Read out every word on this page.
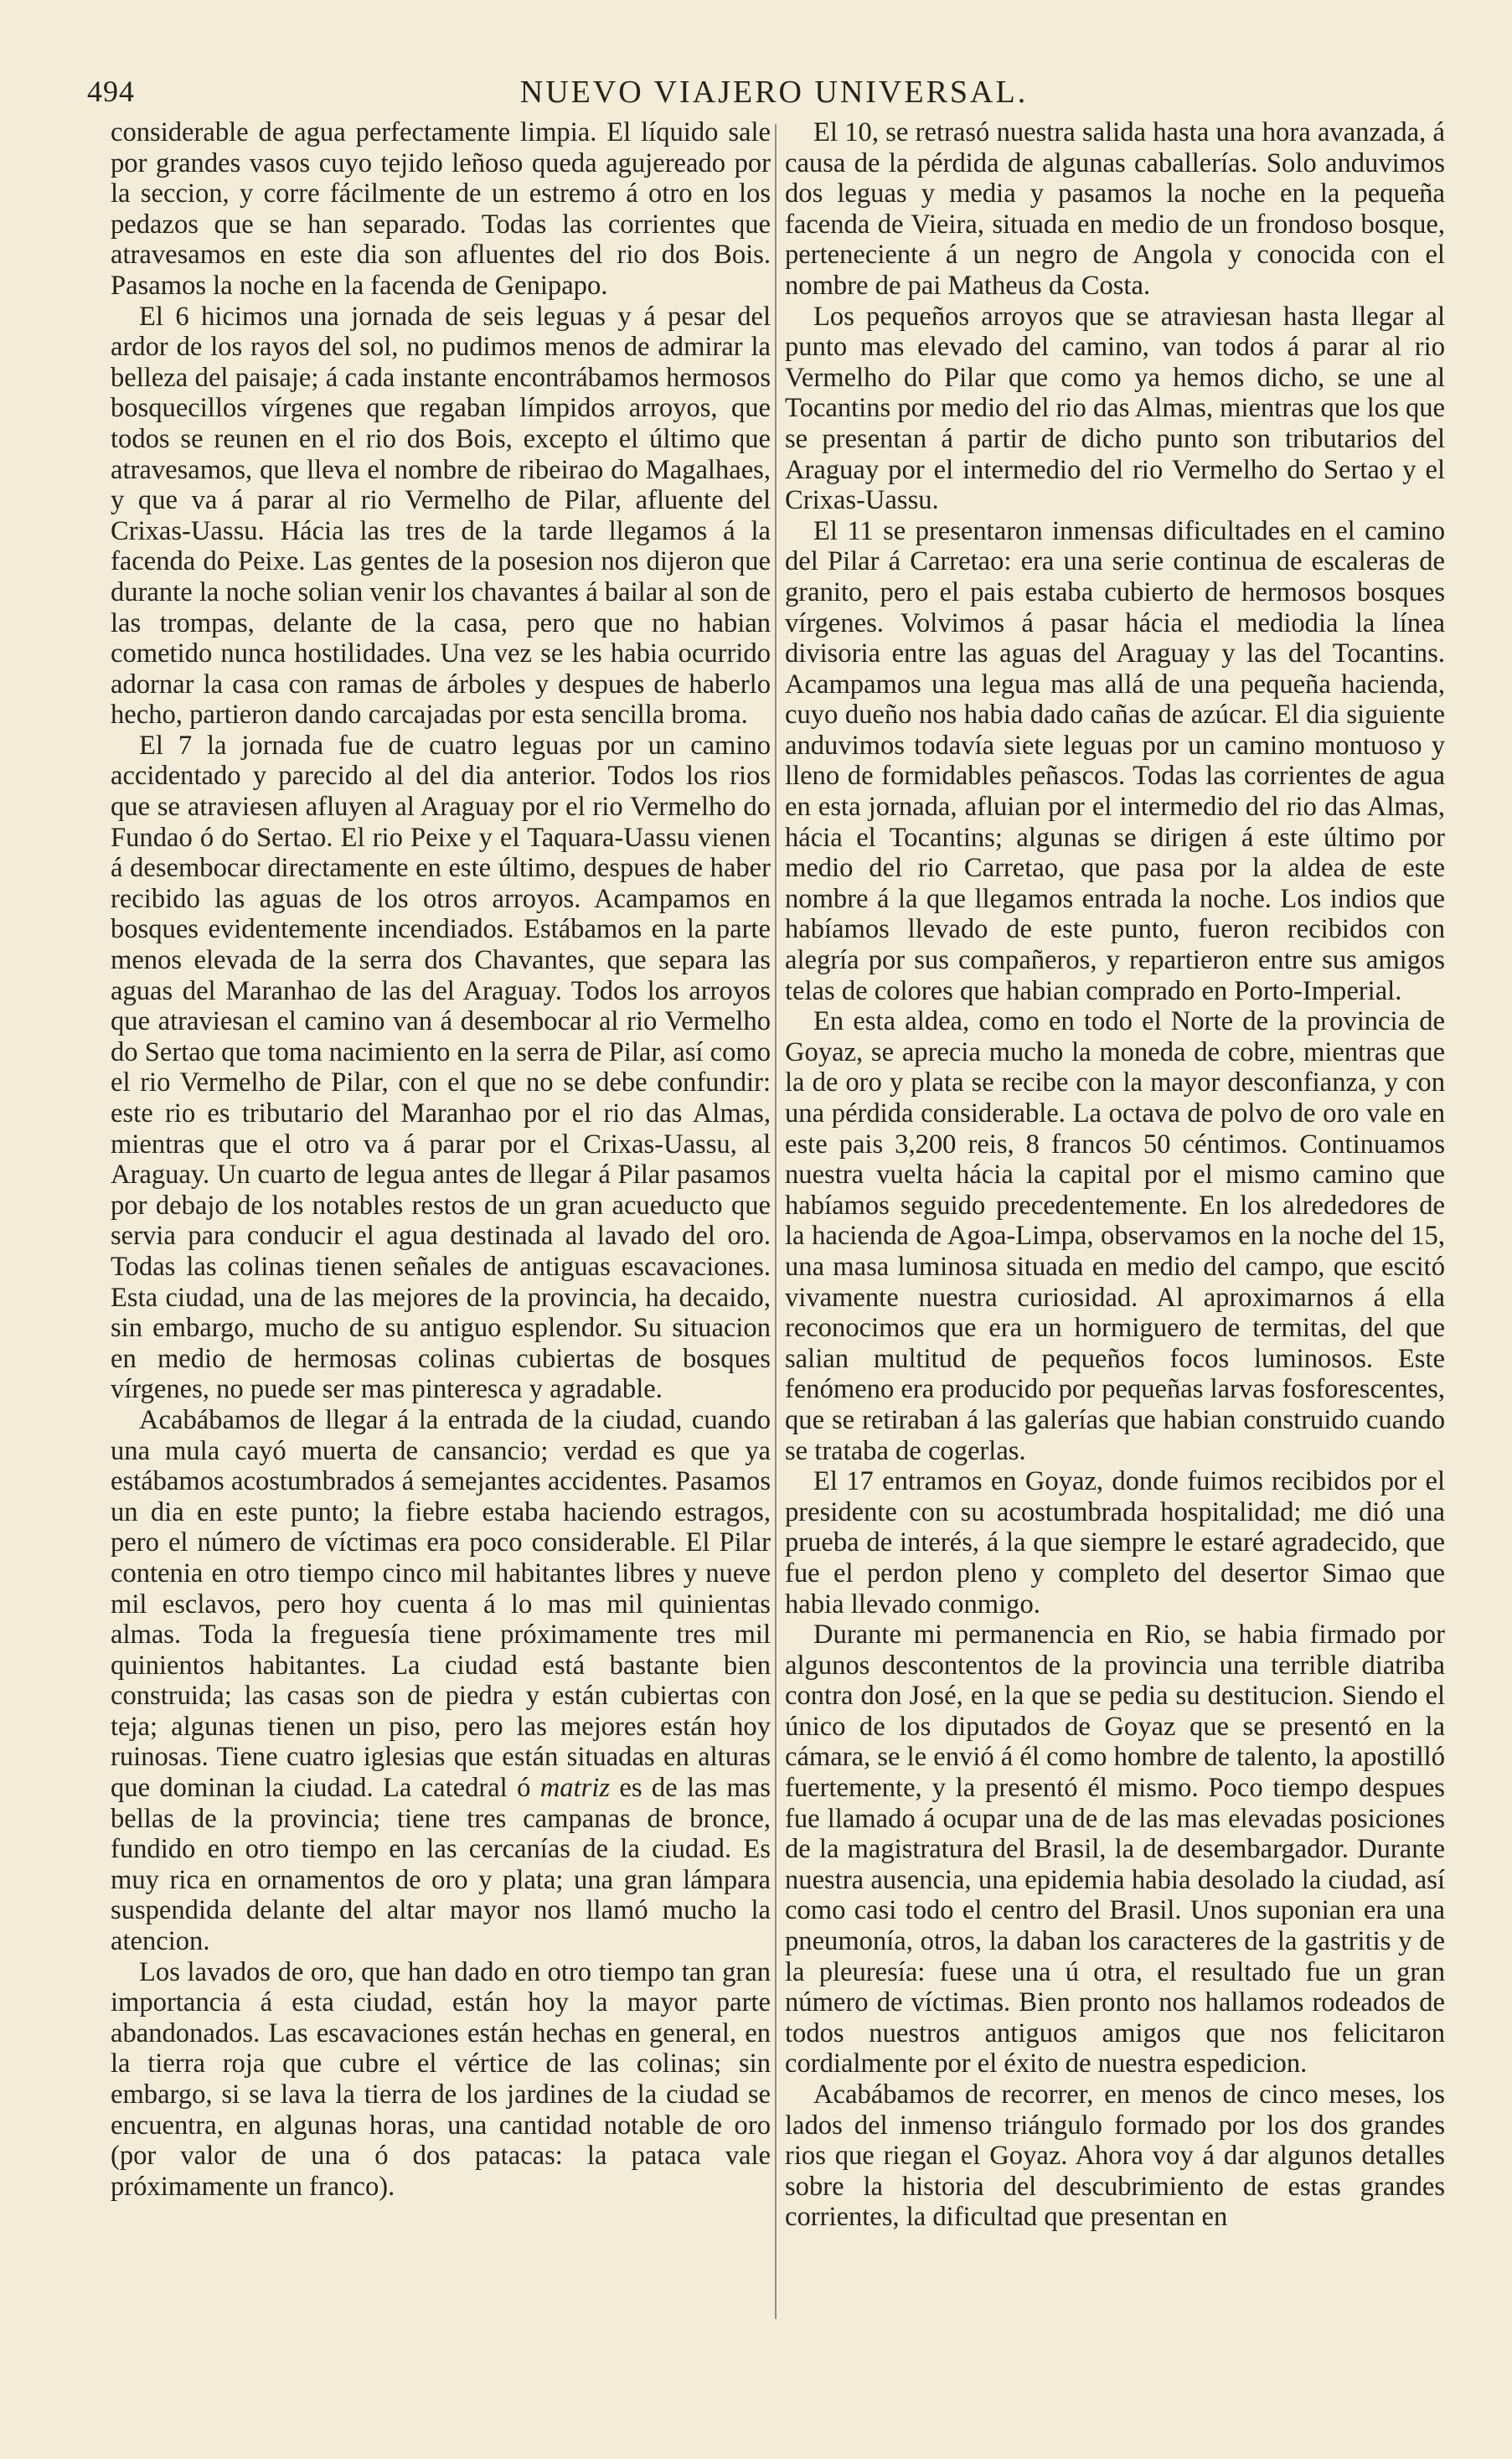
494	NUEVO VIAJERO UNIVERSAL.

considerable de agua perfectamente limpia. El líquido sale por grandes vasos cuyo tejido leñoso queda agujereado por la seccion, y corre fácilmente de un estremo á otro en los pedazos que se han separado. Todas las corrientes que atravesamos en este dia son afluentes del rio dos Bois. Pasamos la noche en la facenda de Genipapo.

El 6 hicimos una jornada de seis leguas y á pesar del ardor de los rayos del sol, no pudimos menos de admirar la belleza del paisaje; á cada instante encontrábamos hermosos bosquecillos vírgenes que regaban límpidos arroyos, que todos se reunen en el rio dos Bois, excepto el último que atravesamos, que lleva el nombre de ribeirao do Magalhaes, y que va á parar al rio Vermelho de Pilar, afluente del Crixas-Uassu. Hácia las tres de la tarde llegamos á la facenda do Peixe. Las gentes de la posesion nos dijeron que durante la noche solian venir los chavantes á bailar al son de las trompas, delante de la casa, pero que no habian cometido nunca hostilidades. Una vez se les habia ocurrido adornar la casa con ramas de árboles y despues de haberlo hecho, partieron dando carcajadas por esta sencilla broma.

El 7 la jornada fue de cuatro leguas por un camino accidentado y parecido al del dia anterior. Todos los rios que se atraviesen afluyen al Araguay por el rio Vermelho do Fundao ó do Sertao. El rio Peixe y el Taquara-Uassu vienen á desembocar directamente en este último, despues de haber recibido las aguas de los otros arroyos. Acampamos en bosques evidentemente incendiados. Estábamos en la parte menos elevada de la serra dos Chavantes, que separa las aguas del Maranhao de las del Araguay. Todos los arroyos que atraviesan el camino van á desembocar al rio Vermelho do Sertao que toma nacimiento en la serra de Pilar, así como el rio Vermelho de Pilar, con el que no se debe confundir: este rio es tributario del Maranhao por el rio das Almas, mientras que el otro va á parar por el Crixas-Uassu, al Araguay. Un cuarto de legua antes de llegar á Pilar pasamos por debajo de los notables restos de un gran acueducto que servia para conducir el agua destinada al lavado del oro. Todas las colinas tienen señales de antiguas escavaciones. Esta ciudad, una de las mejores de la provincia, ha decaido, sin embargo, mucho de su antiguo esplendor. Su situacion en medio de hermosas colinas cubiertas de bosques vírgenes, no puede ser mas pinteresca y agradable.

Acabábamos de llegar á la entrada de la ciudad, cuando una mula cayó muerta de cansancio; verdad es que ya estábamos acostumbrados á semejantes accidentes. Pasamos un dia en este punto; la fiebre estaba haciendo estragos, pero el número de víctimas era poco considerable. El Pilar contenia en otro tiempo cinco mil habitantes libres y nueve mil esclavos, pero hoy cuenta á lo mas mil quinientas almas. Toda la freguesía tiene próximamente tres mil quinientos habitantes. La ciudad está bastante bien construida; las casas son de piedra y están cubiertas con teja; algunas tienen un piso, pero las mejores están hoy ruinosas. Tiene cuatro iglesias que están situadas en alturas que dominan la ciudad. La catedral ó matriz es de las mas bellas de la provincia; tiene tres campanas de bronce, fundido en otro tiempo en las cercanías de la ciudad. Es muy rica en ornamentos de oro y plata; una gran lámpara suspendida delante del altar mayor nos llamó mucho la atencion.

Los lavados de oro, que han dado en otro tiempo tan gran importancia á esta ciudad, están hoy la mayor parte abandonados. Las escavaciones están hechas en general, en la tierra roja que cubre el vértice de las colinas; sin embargo, si se lava la tierra de los jardines de la ciudad se encuentra, en algunas horas, una cantidad notable de oro (por valor de una ó dos patacas: la pataca vale próximamente un franco).

El 10, se retrasó nuestra salida hasta una hora avanzada, á causa de la pérdida de algunas caballerías. Solo anduvimos dos leguas y media y pasamos la noche en la pequeña facenda de Vieira, situada en medio de un frondoso bosque, perteneciente á un negro de Angola y conocida con el nombre de pai Matheus da Costa.

Los pequeños arroyos que se atraviesan hasta llegar al punto mas elevado del camino, van todos á parar al rio Vermelho do Pilar que como ya hemos dicho, se une al Tocantins por medio del rio das Almas, mientras que los que se presentan á partir de dicho punto son tributarios del Araguay por el intermedio del rio Vermelho do Sertao y el Crixas-Uassu.

El 11 se presentaron inmensas dificultades en el camino del Pilar á Carretao: era una serie continua de escaleras de granito, pero el pais estaba cubierto de hermosos bosques vírgenes. Volvimos á pasar hácia el mediodia la línea divisoria entre las aguas del Araguay y las del Tocantins. Acampamos una legua mas allá de una pequeña hacienda, cuyo dueño nos habia dado cañas de azúcar. El dia siguiente anduvimos todavía siete leguas por un camino montuoso y lleno de formidables peñascos. Todas las corrientes de agua en esta jornada, afluian por el intermedio del rio das Almas, hácia el Tocantins; algunas se dirigen á este último por medio del rio Carretao, que pasa por la aldea de este nombre á la que llegamos entrada la noche. Los indios que habíamos llevado de este punto, fueron recibidos con alegría por sus compañeros, y repartieron entre sus amigos telas de colores que habian comprado en Porto-Imperial.

En esta aldea, como en todo el Norte de la provincia de Goyaz, se aprecia mucho la moneda de cobre, mientras que la de oro y plata se recibe con la mayor desconfianza, y con una pérdida considerable. La octava de polvo de oro vale en este pais 3,200 reis, 8 francos 50 céntimos. Continuamos nuestra vuelta hácia la capital por el mismo camino que habíamos seguido precedentemente. En los alrededores de la hacienda de Agoa-Limpa, observamos en la noche del 15, una masa luminosa situada en medio del campo, que escitó vivamente nuestra curiosidad. Al aproximarnos á ella reconocimos que era un hormiguero de termitas, del que salian multitud de pequeños focos luminosos. Este fenómeno era producido por pequeñas larvas fosforescentes, que se retiraban á las galerías que habian construido cuando se trataba de cogerlas.

El 17 entramos en Goyaz, donde fuimos recibidos por el presidente con su acostumbrada hospitalidad; me dió una prueba de interés, á la que siempre le estaré agradecido, que fue el perdon pleno y completo del desertor Simao que habia llevado conmigo.

Durante mi permanencia en Rio, se habia firmado por algunos descontentos de la provincia una terrible diatriba contra don José, en la que se pedia su destitucion. Siendo el único de los diputados de Goyaz que se presentó en la cámara, se le envió á él como hombre de talento, la apostilló fuertemente, y la presentó él mismo. Poco tiempo despues fue llamado á ocupar una de de las mas elevadas posiciones de la magistratura del Brasil, la de desembargador. Durante nuestra ausencia, una epidemia habia desolado la ciudad, así como casi todo el centro del Brasil. Unos suponian era una pneumonía, otros, la daban los caracteres de la gastritis y de la pleuresía: fuese una ú otra, el resultado fue un gran número de víctimas. Bien pronto nos hallamos rodeados de todos nuestros antiguos amigos que nos felicitaron cordialmente por el éxito de nuestra espedicion.

Acabábamos de recorrer, en menos de cinco meses, los lados del inmenso triángulo formado por los dos grandes rios que riegan el Goyaz. Ahora voy á dar algunos detalles sobre la historia del descubrimiento de estas grandes corrientes, la dificultad que presentan en
